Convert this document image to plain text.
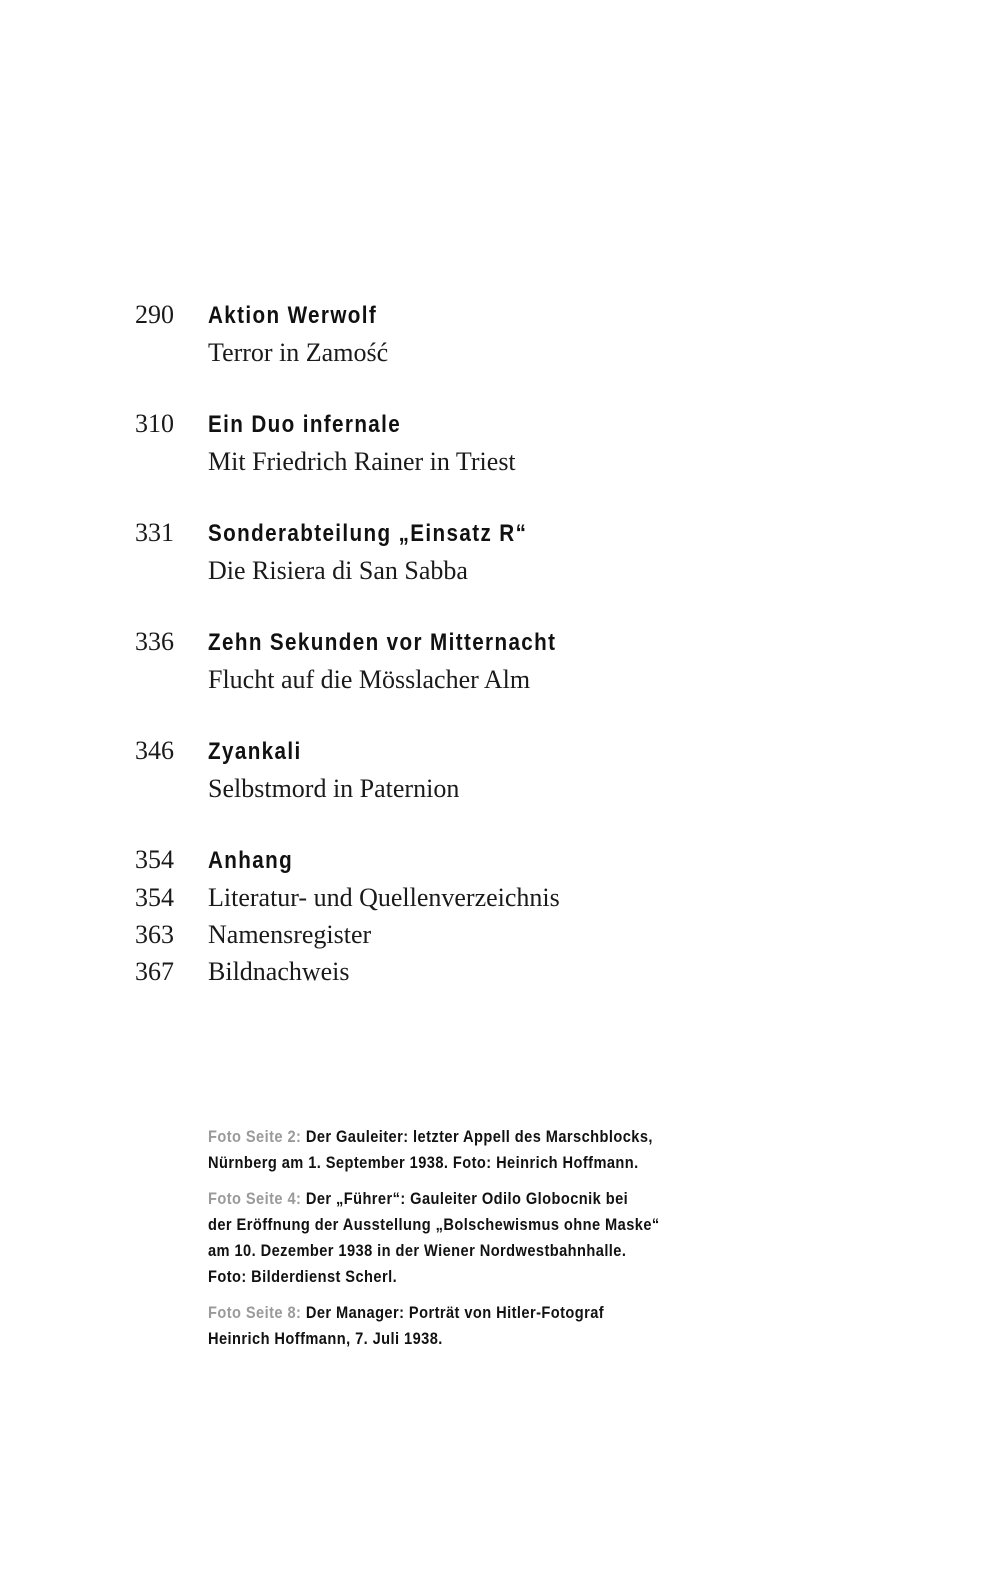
290	Aktion Werwolf
Terror in Zamość
310	Ein Duo infernale
Mit Friedrich Rainer in Triest
331	Sonderabteilung „Einsatz R“
Die Risiera di San Sabba
336	Zehn Sekunden vor Mitternacht
Flucht auf die Mösslacher Alm
346	Zyankali
Selbstmord in Paternion
354	Anhang
354	Literatur- und Quellenverzeichnis
363	Namensregister
367	Bildnachweis
Foto Seite 2: Der Gauleiter: letzter Appell des Marschblocks,
Nürnberg am 1. September 1938. Foto: Heinrich Hoffmann.
Foto Seite 4: Der „Führer“: Gauleiter Odilo Globocnik bei
der Eröffnung der Ausstellung „Bolschewismus ohne Maske“
am 10. Dezember 1938 in der Wiener Nordwestbahnhalle.
Foto: Bilderdienst Scherl.
Foto Seite 8: Der Manager: Porträt von Hitler-Fotograf
Heinrich Hoffmann, 7. Juli 1938.
